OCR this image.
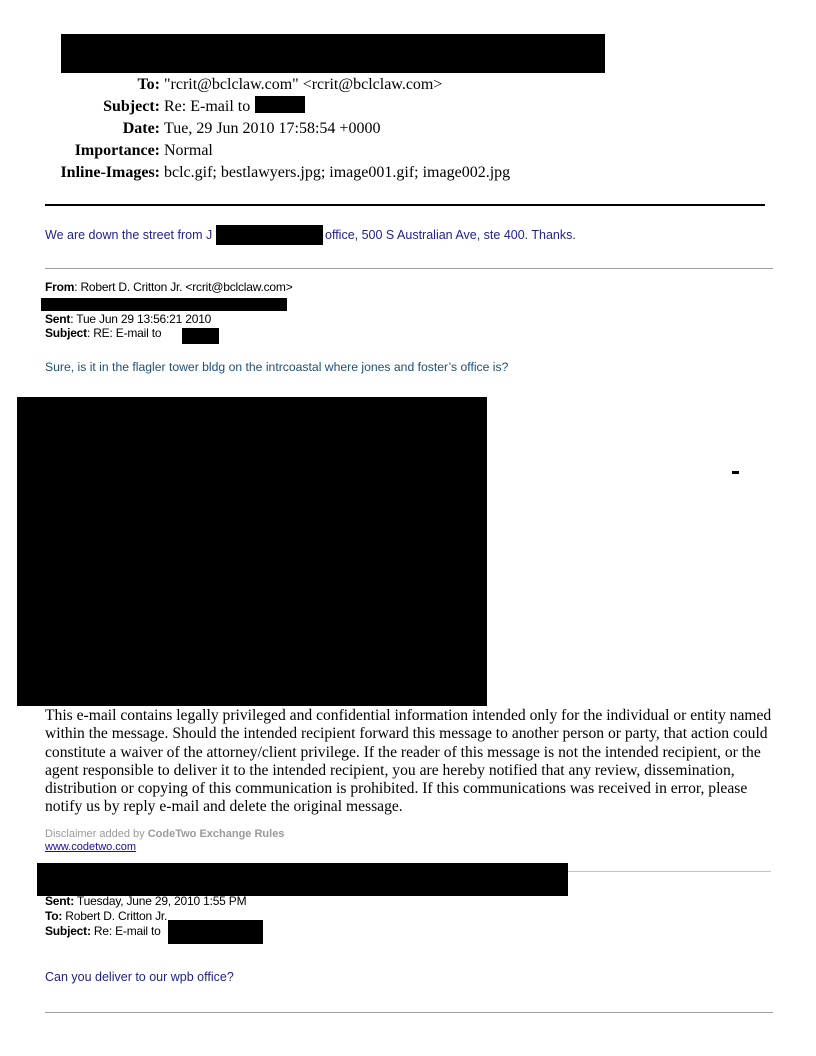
To: "rcrit@bclclaw.com" <rcrit@bclclaw.com>
Subject: Re: E-mail to
Date: Tue, 29 Jun 2010 17:58:54 +0000
Importance: Normal
Inline-Images: bclc.gif; bestlawyers.jpg; image001.gif; image002.jpg
We are down the street from J	office, 500 S Australian Ave, ste 400. Thanks.
From: Robert D. Critton Jr. <rcrit@bclclaw.com>
Sent: Tue Jun 29 13:56:21 2010
Subject: RE: E-mail to
Sure, is it in the flagler tower bldg on the intrcoastal where jones and foster’s office is?
This e-mail contains legally privileged and confidential information intended only for the individual or entity named within the message. Should the intended recipient forward this message to another person or party, that action could constitute a waiver of the attorney/client privilege. If the reader of this message is not the intended recipient, or the agent responsible to deliver it to the intended recipient, you are hereby notified that any review, dissemination, distribution or copying of this communication is prohibited. If this communications was received in error, please notify us by reply e-mail and delete the original message.
Disclaimer added by CodeTwo Exchange Rules
www.codetwo.com
Sent: Tuesday, June 29, 2010 1:55 PM
To: Robert D. Critton Jr.
Subject: Re: E-mail to
Can you deliver to our wpb office?
